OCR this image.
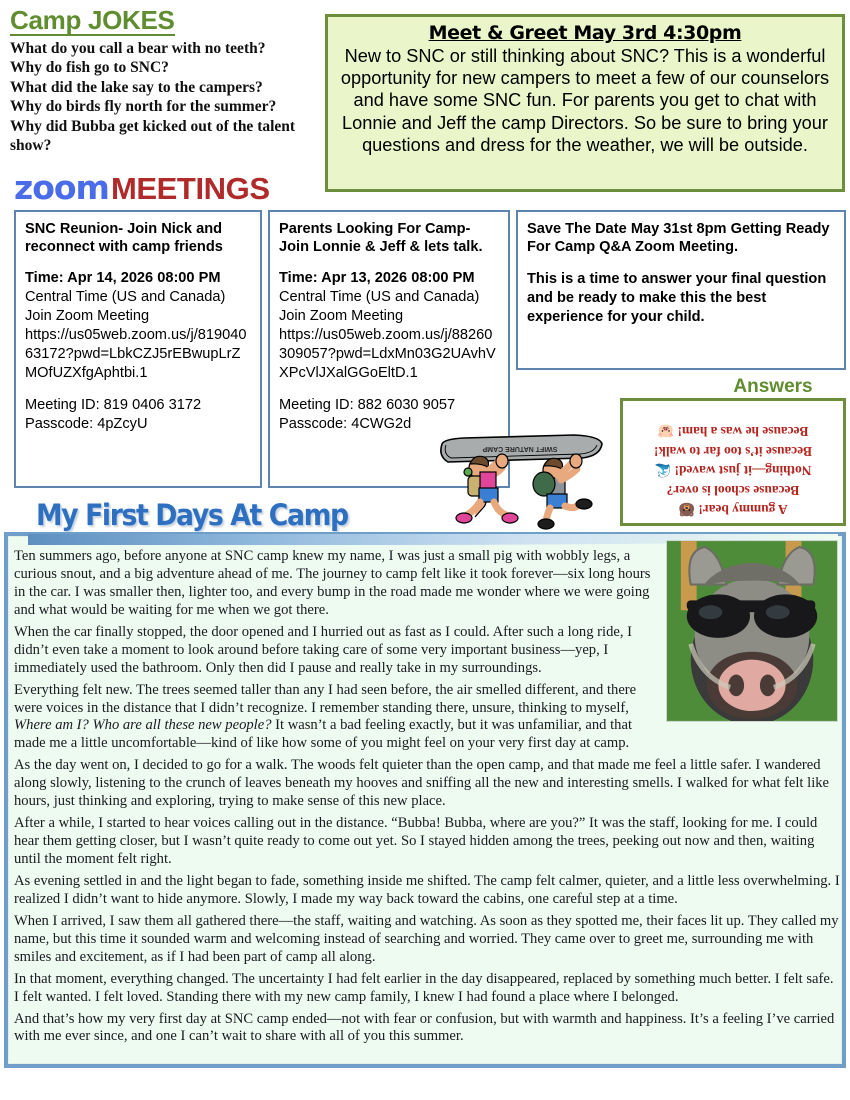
Camp JOKES
What do you call a bear with no teeth?
Why do fish go to SNC?
What did the lake say to the campers?
Why do birds fly north for the summer?
Why did Bubba get kicked out of the talent show?
zoomMEETINGS
Meet & Greet May 3rd 4:30pm
New to SNC or still thinking about SNC? This is a wonderful opportunity for new campers to meet a few of our counselors and have some SNC fun. For parents you get to chat with Lonnie and Jeff the camp Directors. So be sure to bring your questions and dress for the weather, we will be outside.
SNC Reunion- Join Nick and reconnect with camp friends
Time: Apr 14, 2026 08:00 PM
Central Time (US and Canada)
Join Zoom Meeting
https://us05web.zoom.us/j/81904063172?pwd=LbkCZJ5rEBwupLrZMOfUZXfgAphtbi.1
Meeting ID: 819 0406 3172
Passcode: 4pZcyU
Parents Looking For Camp- Join Lonnie & Jeff & lets talk.
Time: Apr 13, 2026 08:00 PM
Central Time (US and Canada)
Join Zoom Meeting
https://us05web.zoom.us/j/88260309057?pwd=LdxMn03G2UAvhVXPcVlJXalGGoEltD.1
Meeting ID: 882 6030 9057
Passcode: 4CWG2d
Save The Date May 31st 8pm Getting Ready For Camp Q&A Zoom Meeting.
This is a time to answer your final question and be ready to make this the best experience for your child.
SWIFT NATURE CAMP
Answers
A gummy bear! 🐻
Because school is over?
Nothing—it just waved! 🌊
Because it’s too far to walk!
Because he was a ham! 🐷
My First Days At Camp

Ten summers ago, before anyone at SNC camp knew my name, I was just a small pig with wobbly legs, a curious snout, and a big adventure ahead of me. The journey to camp felt like it took forever—six long hours in the car. I was smaller then, lighter too, and every bump in the road made me wonder where we were going and what would be waiting for me when we got there.

When the car finally stopped, the door opened and I hurried out as fast as I could. After such a long ride, I didn’t even take a moment to look around before taking care of some very important business—yep, I immediately used the bathroom. Only then did I pause and really take in my surroundings.

Everything felt new. The trees seemed taller than any I had seen before, the air smelled different, and there were voices in the distance that I didn’t recognize. I remember standing there, unsure, thinking to myself, Where am I? Who are all these new people? It wasn’t a bad feeling exactly, but it was unfamiliar, and that made me a little uncomfortable—kind of like how some of you might feel on your very first day at camp.

As the day went on, I decided to go for a walk. The woods felt quieter than the open camp, and that made me feel a little safer. I wandered along slowly, listening to the crunch of leaves beneath my hooves and sniffing all the new and interesting smells. I walked for what felt like hours, just thinking and exploring, trying to make sense of this new place.

After a while, I started to hear voices calling out in the distance. “Bubba! Bubba, where are you?” It was the staff, looking for me. I could hear them getting closer, but I wasn’t quite ready to come out yet. So I stayed hidden among the trees, peeking out now and then, waiting until the moment felt right.

As evening settled in and the light began to fade, something inside me shifted. The camp felt calmer, quieter, and a little less overwhelming. I realized I didn’t want to hide anymore. Slowly, I made my way back toward the cabins, one careful step at a time.

When I arrived, I saw them all gathered there—the staff, waiting and watching. As soon as they spotted me, their faces lit up. They called my name, but this time it sounded warm and welcoming instead of searching and worried. They came over to greet me, surrounding me with smiles and excitement, as if I had been part of camp all along.

In that moment, everything changed. The uncertainty I had felt earlier in the day disappeared, replaced by something much better. I felt safe. I felt wanted. I felt loved. Standing there with my new camp family, I knew I had found a place where I belonged.

And that’s how my very first day at SNC camp ended—not with fear or confusion, but with warmth and happiness. It’s a feeling I’ve carried with me ever since, and one I can’t wait to share with all of you this summer.
